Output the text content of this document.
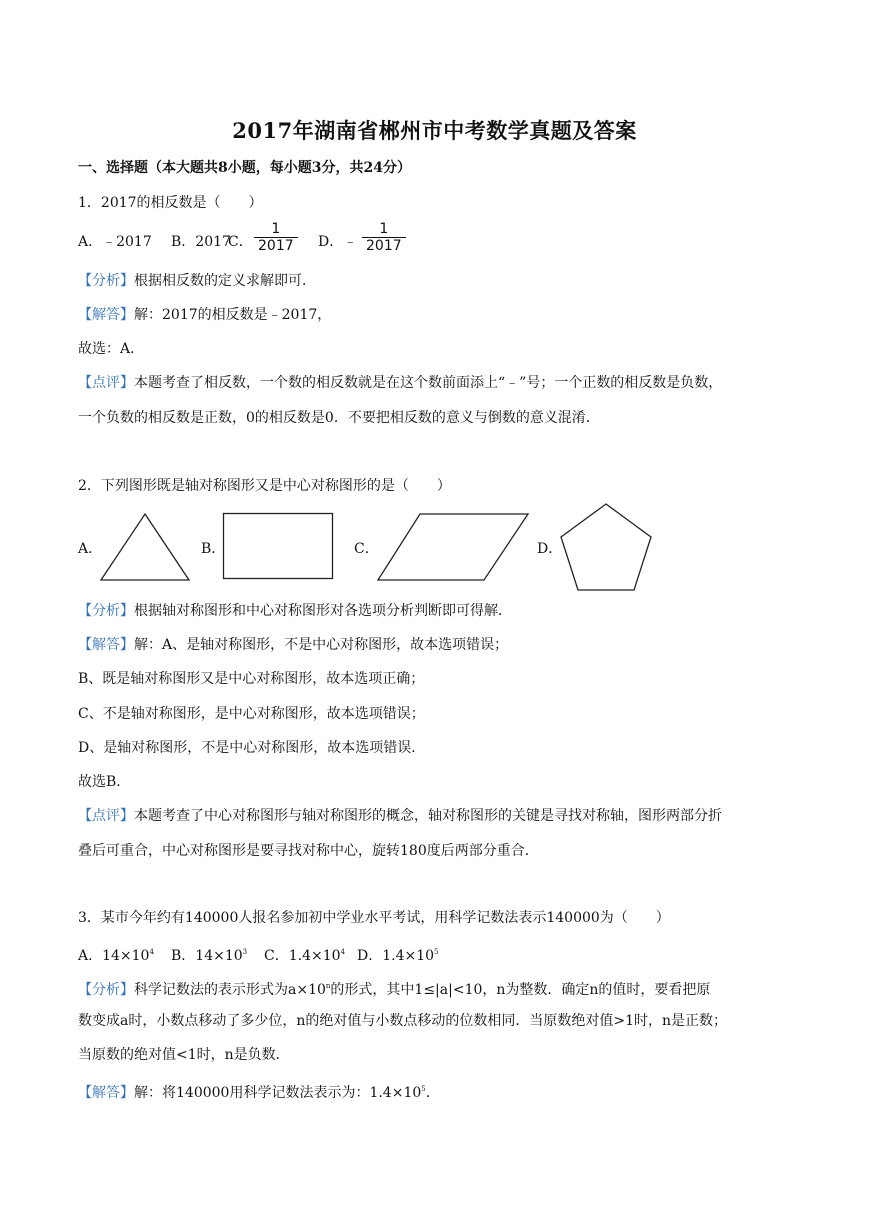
2017年湖南省郴州市中考数学真题及答案
一、选择题（本大题共8小题，每小题3分，共24分）
1．2017的相反数是（　　）
A．﹣2017 B．2017
C． $\frac{1}{2017}$ D．﹣ $\frac{1}{2017}$
【分析】根据相反数的定义求解即可．
【解答】解：2017的相反数是﹣2017，
故选：A．
【点评】本题考查了相反数，一个数的相反数就是在这个数前面添上“﹣”号；一个正数的相反数是负数，
一个负数的相反数是正数，0的相反数是0．不要把相反数的意义与倒数的意义混淆．
2．下列图形既是轴对称图形又是中心对称图形的是（　　）
A．	B．	C．	D．
【分析】根据轴对称图形和中心对称图形对各选项分析判断即可得解．
【解答】解：A、是轴对称图形，不是中心对称图形，故本选项错误；
B、既是轴对称图形又是中心对称图形，故本选项正确；
C、不是轴对称图形，是中心对称图形，故本选项错误；
D、是轴对称图形，不是中心对称图形，故本选项错误．
故选B．
【点评】本题考查了中心对称图形与轴对称图形的概念，轴对称图形的关键是寻找对称轴，图形两部分折
叠后可重合，中心对称图形是要寻找对称中心，旋转180度后两部分重合．
3．某市今年约有140000人报名参加初中学业水平考试，用科学记数法表示140000为（　　）
A．$14\times 10^4$ B．$14\times 10^3$ C．$1.4\times 10^4$ D．$1.4\times 10^5$
【分析】科学记数法的表示形式为$a\times 10^n$的形式，其中1≤|a|<10，n为整数．确定n的值时，要看把原
数变成a时，小数点移动了多少位，n的绝对值与小数点移动的位数相同．当原数绝对值>1时，n是正数；
当原数的绝对值<1时，n是负数．
【解答】解：将140000用科学记数法表示为：$1.4\times 10^5$．
